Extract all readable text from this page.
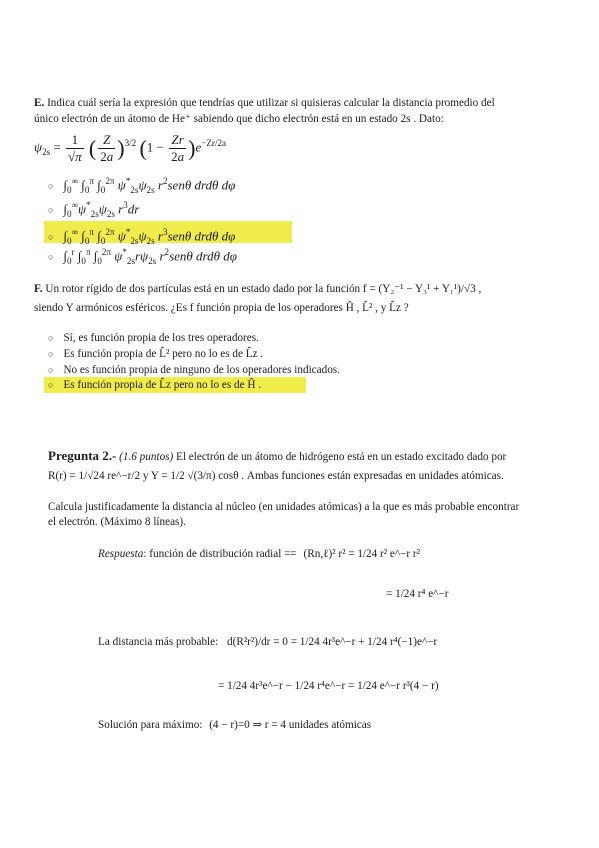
E. Indica cuál sería la expresión que tendrías que utilizar si quisieras calcular la distancia promedio del
único electrón de un átomo de He⁺ sabiendo que dicho electrón está en un estado 2s . Dato:
$\psi_{2s} = \frac{1}{√\pi}$ ( $\frac{Z}{2a} )^{3/2}$ $(1 - \frac{Zr}{2a} )e^{-Zr/2a}$
○ $\int_0^\infty$ $\int_0^\pi$ $\int_0^{2\pi}$ $\psi^*_{2s}\psi_{2s}$ $r^2sen\theta$ drdθ dφ
○ $\int_0^\infty\psi^*_{2s}\psi_{2s}$ $r^3dr$
○ $\int_0^\infty$ $\int_0^\pi$ $\int_0^{2\pi}$ $\psi^*_{2s}\psi_{2s}$ $r^3sen\theta$ drdθ dφ
○ $\int_0^r$ $\int_0^\pi$ $\int_0^{2\pi}$ $\psi^*_{2s}r\psi_{2s}$ $r^2sen\theta$ drdθ dφ
F. Un rotor rígido de dos partículas está en un estado dado por la función f = (Y₂⁻¹ − Y₃¹ + Y₁¹)/√3 ,
siendo Y armónicos esféricos. ¿Es f función propia de los operadores Ĥ , L̂² , y L̂z ?
○ Sí, es función propia de los tres operadores.
○ Es función propia de L̂² pero no lo es de L̂z .
○ No es función propia de ninguno de los operadores indicados.
○ Es función propia de L̂z pero no lo es de Ĥ .
Pregunta 2.- (1.6 puntos) El electrón de un átomo de hidrógeno está en un estado excitado dado por
R(r) = 1/√24 re^−r/2 y Y = 1/2 √(3/π) cosθ . Ambas funciones están expresadas en unidades atómicas.
Calcula justificadamente la distancia al núcleo (en unidades atómicas) a la que es más probable encontrar
el electrón. (Máximo 8 líneas).
Respuesta: función de distribución radial == (Rn,ℓ)² r² = 1/24 r² e^−r r²
= 1/24 r⁴ e^−r
La distancia más probable: d(R²r²)/dr = 0 = 1/24 4r³e^−r + 1/24 r⁴(−1)e^−r
= 1/24 4r³e^−r − 1/24 r⁴e^−r = 1/24 e^−r r³(4 − r)
Solución para máximo: (4 − r)=0 ⇒ r = 4 unidades atómicas
